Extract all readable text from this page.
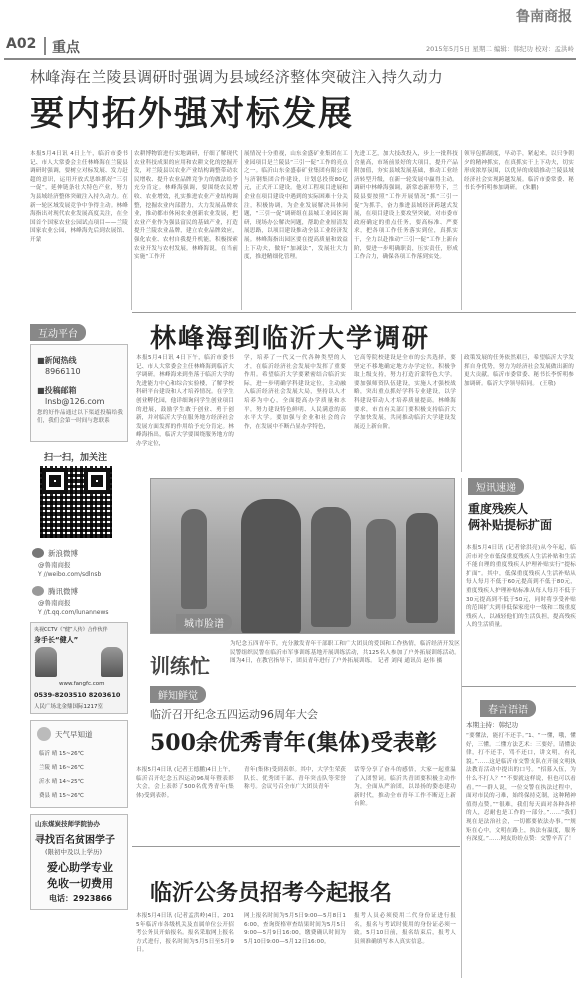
鲁南商报
A02 重点	2015年5月5日 星期二 编辑：韩纪功 校对：孟洪岭
林峰海在兰陵县调研时强调为县域经济整体突破注入持久动力
要内拓外强对标发展
本报5月4日讯 4日上午，临沂市委书记、市人大常委会主任林峰海在兰陵县调研时强调，要树立对标发展、发力赶超的意识，运用开放式思维抓好“三引一促”，延伸链条壮大特色产业，努力为县域经济整体突破注入持久动力。在新一轮区域发展竞争中争得主动。林峰海指出对现代农业发展高度关注，在全国首个国家农业公园试点项目——兰陵国家农业公园，林峰海先后到农展馆、开蒙
农耕博物馆进行实地调研，仔细了解现代农业科技成果的应用和农耕文化的挖掘开发，对兰陵县以农业产业结构调整带动农民增收、提升农业品牌竞争力的做法给予充分肯定。林峰海强调，要围绕农民增收、农业增效，扎实推进农业产业结构调整，挖掘农业内部潜力，大力发展品牌农业，推动都市休闲农业创新农业发展，把农业产业作为强县富民的基础产业，打造提升兰陵农业品牌，建立农业品牌效应，强化农业、农村自我提升机能，积极探索农业开发与农村发展。林峰海说，在当前实施“工作开
展情况十分重视，山东金盛矿业集团在工业园项目是兰陵县“三引一促”工作的亮点之一。临沂山东金盛泰矿业集团有限公司与济钢集团合作建设，计划总投资80亿元，正式开工建设。他对工程项目进展和企业在项目建设中遇到的实际困难十分关注，积极协调，为企业发展解决具体问题，“三引一促”调研组在县城工业园区调研，现场办公解决问题，帮助企业厘清发展思路，以项目建设推动全县工业经济发展。林峰海指出园区要在提高质量和效益上下功夫，做好“加减法”，发展壮大力度，推进精细化管理。
先进工艺，加大技改投入，步上一批科技含量高，市场前景好的大项目，提升产品附加值，夯实县域发展基础，推动工业经济转型升级，在新一轮发展中赢得主动。调研中林峰海强调，新常态新形势下，兰陵县要按照“工作开展情况”抓“三引一促”为抓手，奋力推进县域经济跨越式发展，在项目建设上要攻坚突破。对市委市政府确定的重点任务，要高标准、严要求，把各项工作任务落实到位，真抓实干，全力以赴推动“三引一促”工作上新台阶，要进一步明确职责，压实责任，形成工作合力，确保各项工作落到实处。
领导包抓制度，早动手，紧起来，以只争朝夕的精神抓实，在真抓实干上下功夫，切实形成浓厚氛围，以优异的成绩推动兰陵县域经济社会实现跨越发展。临沂市委常委、秘书长李忻明参加调研。 (朱鹏)
互动平台
■新闻热线
8966110
■投稿邮箱
lnsb@126.com
您的好作品通过以下渠道投稿给我们，我们会第一时间与您联系
扫一扫，加关注
新浪微博
@鲁南商报
Y //weibo.com/sdlnsb
腾讯微博
@鲁南商报
Y //t.qq.com/lunannews
央视CCTV《“健”人传》合作伙伴
身手长“健人”
www.fangfc.com
0539-8203510 8203610
人民广场北金鼎国际1217室
天气早知道
临沂 晴 15~26℃
兰陵 晴 16~26℃
沂水 晴 14~25℃
费县 晴 15~26℃
山东煤炭技师学院协办
寻找百名贫困学子
(限初中及以上学历)
爱心助学专业
免收一切费用
电话：2923866
林峰海到临沂大学调研
本报5月4日讯 4日下午，临沂市委书记、市人大常委会主任林峰海到临沂大学调研。林峰海来到坐落于临沂大学的先进能力中心和综合实验楼，了解学校科研平台建设和人才培养情况。在学生创业孵化园，他详细询问学生创业项目的进展，鼓励学生敢于创业、勇于创新，并对临沂大学在服务地方经济社会发展方面发挥的作用给予充分肯定。林峰海指出，临沂大学要围绕服务地方的办学定位，
学，培养了一代又一代各种类型的人才，在临沂经济社会发展中发挥了重要作用。希望临沂大学要紧密结合临沂实际，进一步明确学科建设定位，主动融入临沂经济社会发展大局，坚持以人才培养为中心，全面提高办学质量和水平，努力建设特色鲜明、人民满意的高水平大学。要加强与企业和社会的合作，在发展中不断凸显办学特色，
它高等院校建设是全市的公共选择，要坚定不移地确定地方办学定位，积极争取上级支持，努力打造沂蒙特色大学。要加强师资队伍建设，实施人才强校战略，突出重点抓好学科专业建设，以学科建设带动人才培养质量提高。林峰海要求，市直有关部门要积极支持临沂大学加快发展，共同推动临沂大学建设发展迈上新台阶。
政策发展的任务依然艰巨，希望临沂大学发挥自身优势，努力为经济社会发展做出新的更大贡献。临沂市委常委、秘书长李忻明参加调研。临沂大学领导陪同。 (王敬)
城市脸谱
训练忙
为纪念五四青年节，充分激发青年干部职工和广大团员的爱国和工作热情，临沂经济开发区民警组织民警在临沂市军事训练基地开展训练活动，共125名人参加了户外拓展训练活动。图为4日，在教官指导下，团员青年进行了户外拓展训练。 记者 刘闯 通讯员 赵伟 摄
鲜知鲜觉
临沂召开纪念五四运动96周年大会
500余优秀青年(集体)受表彰
本报5月4日讯 (记者王德鹏)4日上午，临沂召开纪念五四运动96周年暨表彰大会，会上表彰了500名优秀青年(集体)受到表彰。
青年(集体)受到表彰。其中，大学生荣获队长、优秀团干部、青年突击队等荣誉称号。会议号召全市广大团员青年
话等分享了奋斗的感悟，大家一起重温了入团誓词。临沂共青团要积极主动作为，全面从严治团，以昂扬的姿态建功新时代，推动全市青年工作不断迈上新台阶。
短讯速递
重度残疾人
俩补贴提标扩面
本报5月4日讯 (记者徐洪亮)从今年起，临沂市对全市低保重度残疾人生活补贴和生活不能自理的重度残疾人护理补贴实行“提标扩面”。其中，低保重度残疾人生活补贴从每人每月不低于60元提高到不低于80元，重度残疾人护理补贴标准从每人每月不低于30元提高到不低于50元，同时将享受补贴的范围扩大到非低保家庭中一级和二级重度残疾人，以减轻他们的生活负担，提高残疾人的生活质量。
春言语语
本期主持：韩纪功
“要懂法，能打不还手。”1、“一懂，哦，懂好，三懂。二懂方法艺术：三要好。请懂法律，打不还手，骂不还口，讲文明，有礼貌。”……这是临沂市交警支队在开展文明执法教育活动中提出的口号。“招募入伍，为什么不打人？”“不要就这样说，但也可以看看。”“一群人说，一位交警在执法过程中，面对市民的刁难，始终保持克制，这种精神值得点赞。”“很难，我们每天面对各种各样的人，忍耐也是工作的一部分。”……“我们现在是法治社会，一切都要依法办事。”“规矩在心中，文明在路上，执法有温度，服务有深度。”……网友纷纷点赞：交警辛苦了！
临沂公务员招考今起报名
本报5月4日讯 (记者孟洪岭)4日，2015年临沂市各级机关及直属单位公开招考公务员开始报名。报名采取网上报名方式进行，报名时间为5月5日至5月9日。
网上报名时间为5月5日9:00—5月8日16:00，查询资格审查结果时间为5月5日9:00—5月9日16:00，缴费确认时间为5月10日9:00—5月12日16:00。
报考人员必须使用二代身份证进行报名，报名与考试时使用的身份证必须一致。5月10日前，报名结束后，报考人员须准确填写本人真实信息。
